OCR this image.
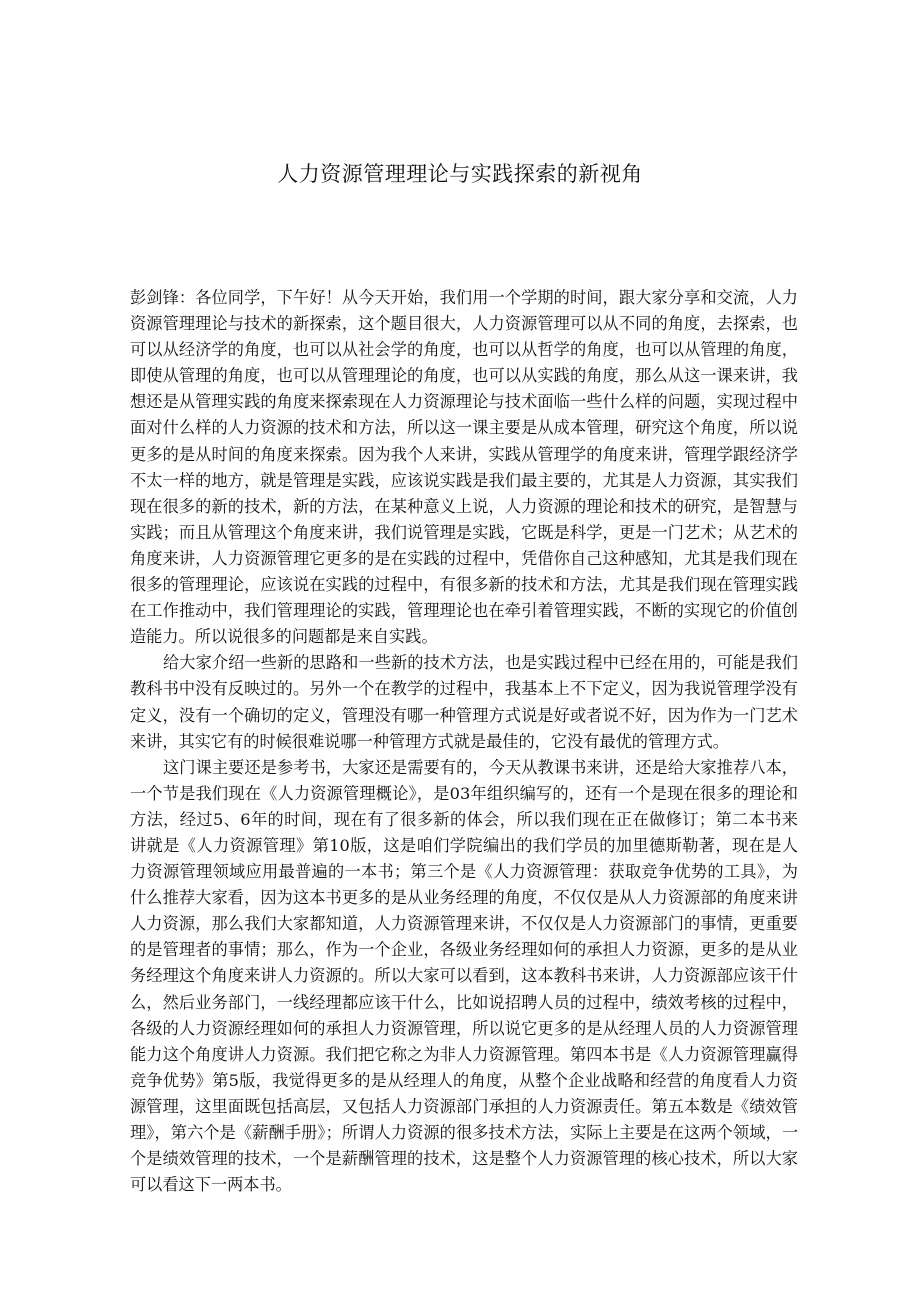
人力资源管理理论与实践探索的新视角

彭剑锋：各位同学，下午好！从今天开始，我们用一个学期的时间，跟大家分享和交流，人力资源管理理论与技术的新探索，这个题目很大，人力资源管理可以从不同的角度，去探索，也可以从经济学的角度，也可以从社会学的角度，也可以从哲学的角度，也可以从管理的角度，即使从管理的角度，也可以从管理理论的角度，也可以从实践的角度，那么从这一课来讲，我想还是从管理实践的角度来探索现在人力资源理论与技术面临一些什么样的问题，实现过程中面对什么样的人力资源的技术和方法，所以这一课主要是从成本管理，研究这个角度，所以说更多的是从时间的角度来探索。因为我个人来讲，实践从管理学的角度来讲，管理学跟经济学不太一样的地方，就是管理是实践，应该说实践是我们最主要的，尤其是人力资源，其实我们现在很多的新的技术，新的方法，在某种意义上说，人力资源的理论和技术的研究，是智慧与实践；而且从管理这个角度来讲，我们说管理是实践，它既是科学，更是一门艺术；从艺术的角度来讲，人力资源管理它更多的是在实践的过程中，凭借你自己这种感知，尤其是我们现在很多的管理理论，应该说在实践的过程中，有很多新的技术和方法，尤其是我们现在管理实践在工作推动中，我们管理理论的实践，管理理论也在牵引着管理实践，不断的实现它的价值创造能力。所以说很多的问题都是来自实践。

给大家介绍一些新的思路和一些新的技术方法，也是实践过程中已经在用的，可能是我们教科书中没有反映过的。另外一个在教学的过程中，我基本上不下定义，因为我说管理学没有定义，没有一个确切的定义，管理没有哪一种管理方式说是好或者说不好，因为作为一门艺术来讲，其实它有的时候很难说哪一种管理方式就是最佳的，它没有最优的管理方式。

这门课主要还是参考书，大家还是需要有的，今天从教课书来讲，还是给大家推荐八本，一个节是我们现在《人力资源管理概论》，是03年组织编写的，还有一个是现在很多的理论和方法，经过5、6年的时间，现在有了很多新的体会，所以我们现在正在做修订；第二本书来讲就是《人力资源管理》第10版，这是咱们学院编出的我们学员的加里德斯勒著，现在是人力资源管理领域应用最普遍的一本书；第三个是《人力资源管理：获取竞争优势的工具》，为什么推荐大家看，因为这本书更多的是从业务经理的角度，不仅仅是从人力资源部的角度来讲人力资源，那么我们大家都知道，人力资源管理来讲，不仅仅是人力资源部门的事情，更重要的是管理者的事情；那么，作为一个企业，各级业务经理如何的承担人力资源，更多的是从业务经理这个角度来讲人力资源的。所以大家可以看到，这本教科书来讲，人力资源部应该干什么，然后业务部门，一线经理都应该干什么，比如说招聘人员的过程中，绩效考核的过程中，各级的人力资源经理如何的承担人力资源管理，所以说它更多的是从经理人员的人力资源管理能力这个角度讲人力资源。我们把它称之为非人力资源管理。第四本书是《人力资源管理赢得竞争优势》第5版，我觉得更多的是从经理人的角度，从整个企业战略和经营的角度看人力资源管理，这里面既包括高层，又包括人力资源部门承担的人力资源责任。第五本数是《绩效管理》，第六个是《薪酬手册》；所谓人力资源的很多技术方法，实际上主要是在这两个领域，一个是绩效管理的技术，一个是薪酬管理的技术，这是整个人力资源管理的核心技术，所以大家可以看这下一两本书。
